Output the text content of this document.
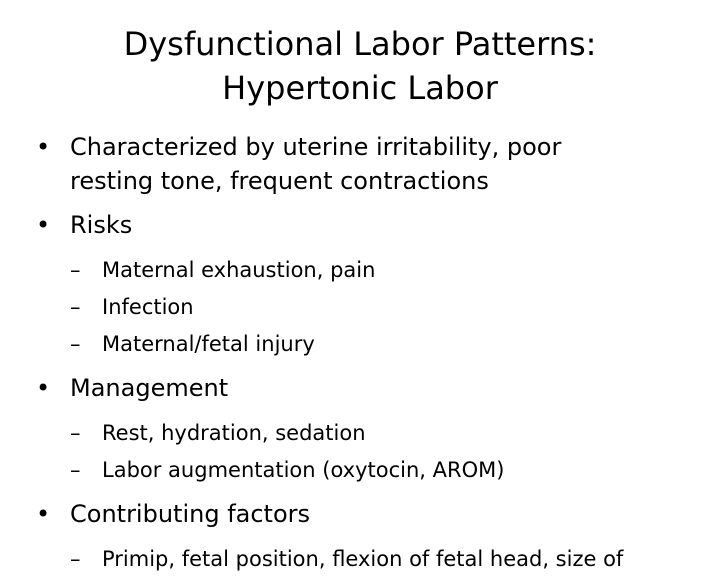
Dysfunctional Labor Patterns:
Hypertonic Labor
• Characterized by uterine irritability, poor
resting tone, frequent contractions
• Risks
–	Maternal exhaustion, pain
–	Infection
–	Maternal/fetal injury
• Management
–	Rest, hydration, sedation
–	Labor augmentation (oxytocin, AROM)
• Contributing factors
–	Primip, fetal position, flexion of fetal head, size of
